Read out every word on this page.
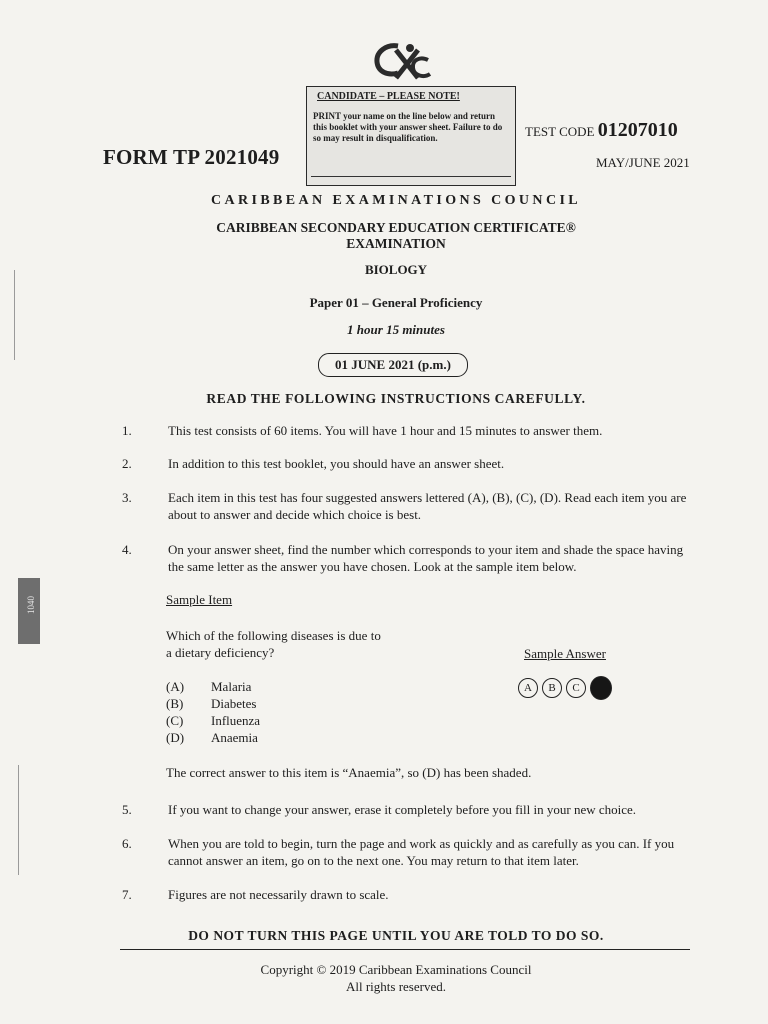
CANDIDATE – PLEASE NOTE!
PRINT your name on the line below and return this booklet with your answer sheet. Failure to do so may result in disqualification.
FORM TP 2021049
TEST CODE 01207010
MAY/JUNE 2021
CARIBBEAN EXAMINATIONS COUNCIL
CARIBBEAN SECONDARY EDUCATION CERTIFICATE®
EXAMINATION
BIOLOGY
Paper 01 – General Proficiency
1 hour 15 minutes
01 JUNE 2021 (p.m.)
READ THE FOLLOWING INSTRUCTIONS CAREFULLY.
1.	This test consists of 60 items. You will have 1 hour and 15 minutes to answer them.
2.	In addition to this test booklet, you should have an answer sheet.
3.	Each item in this test has four suggested answers lettered (A), (B), (C), (D). Read each item you are about to answer and decide which choice is best.
4.	On your answer sheet, find the number which corresponds to your item and shade the space having the same letter as the answer you have chosen. Look at the sample item below.
Sample Item
Which of the following diseases is due to
a dietary deficiency?	Sample Answer
(A) Malaria
(B) Diabetes
(C) Influenza
(D) Anaemia
A B C
The correct answer to this item is “Anaemia”, so (D) has been shaded.
5.	If you want to change your answer, erase it completely before you fill in your new choice.
6.	When you are told to begin, turn the page and work as quickly and as carefully as you can. If you cannot answer an item, go on to the next one. You may return to that item later.
7.	Figures are not necessarily drawn to scale.
DO NOT TURN THIS PAGE UNTIL YOU ARE TOLD TO DO SO.
Copyright © 2019 Caribbean Examinations Council
All rights reserved.
1040
